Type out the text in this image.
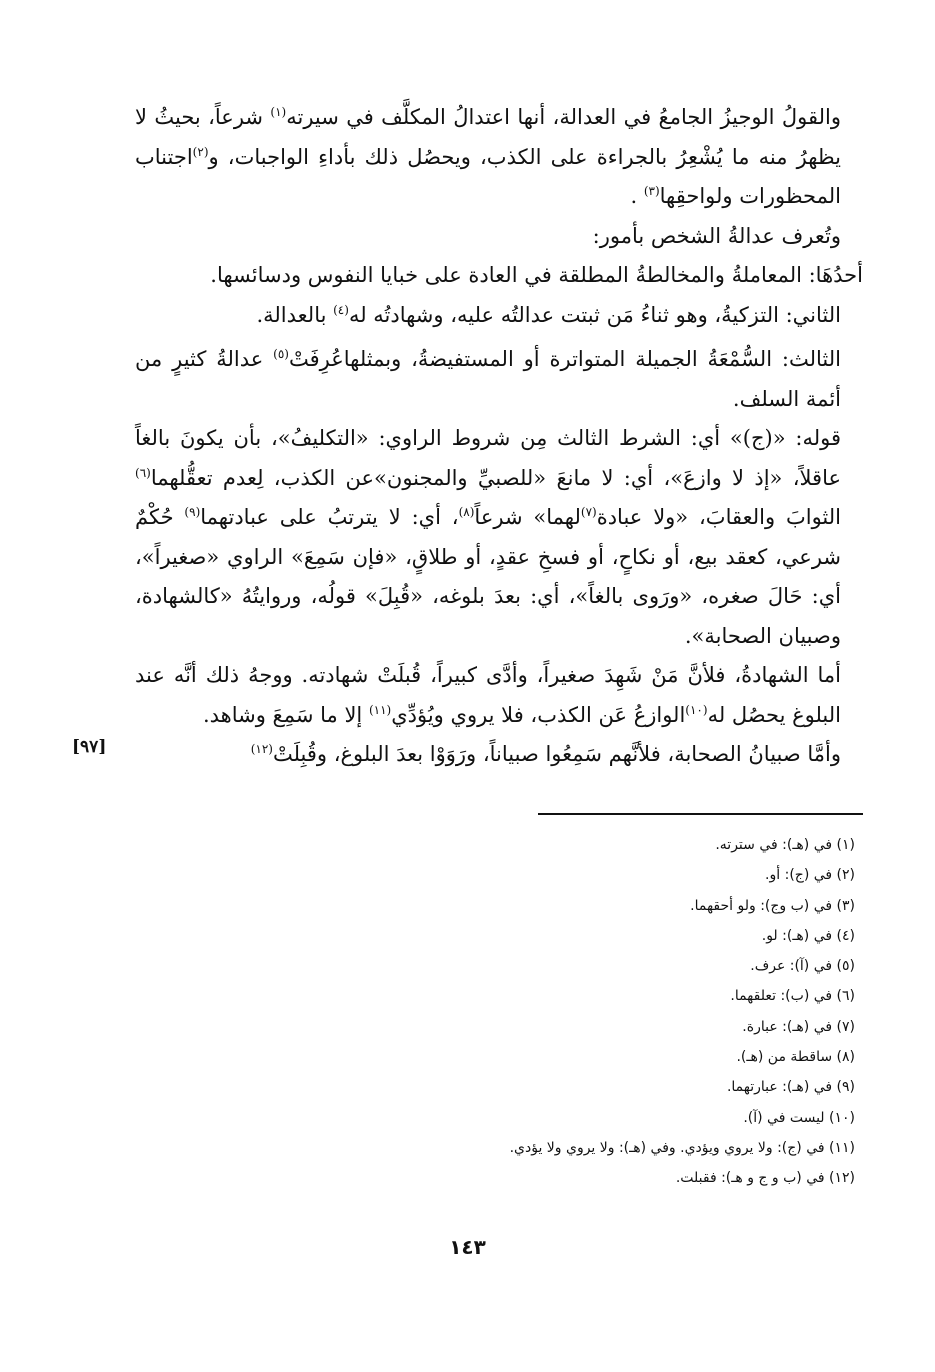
والقولُ الوجيزُ الجامعُ في العدالة، أنها اعتدالُ المكلَّف في سيرته$^{(١)}$ شرعاً، بحيثُ لا يظهرُ منه ما يُشْعِرُ بالجراءة على الكذب، ويحصُل ذلك بأداءِ الواجبات، و$^{(٢)}$اجتناب المحظورات ولواحقِها$^{(٣)}$ .

وتُعرف عدالةُ الشخص بأمور:

أحدُهَا: المعاملةُ والمخالطةُ المطلقة في العادة على خبايا النفوس ودسائسها.

الثاني: التزكيةُ، وهو ثناءُ مَن ثبتت عدالتُه عليه، وشهادتُه له$^{(٤)}$ بالعدالة.

الثالث: السُّمْعَةُ الجميلة المتواترة أو المستفيضةُ، وبمثلهاعُرِفَتْ$^{(٥)}$ عدالةُ كثيرٍ من أئمة السلف.

قوله: «(ج)» أي: الشرط الثالث مِن شروط الراوي: «التكليفُ»، بأن يكونَ بالغاً عاقلاً، «إذ لا وازعَ»، أي: لا مانعَ «للصبيِّ والمجنون»عن الكذب، لِعدم تعقُّلهما$^{(٦)}$ الثوابَ والعقابَ، «ولا عبادة$^{(٧)}$لهما» شرعاً$^{(٨)}$، أي: لا يترتبُ على عبادتهما$^{(٩)}$ حُكْمٌ شرعي، كعقد بيع، أو نكاحٍ، أو فسخِ عقدٍ، أو طلاقٍ، «فإن سَمِعَ» الراوي «صغيراً»، أي: حَالَ صغره، «ورَوى بالغاً»، أي: بعدَ بلوغه، «قُبِلَ» قولُه، وروايتُهُ «كالشهادة، وصبيان الصحابة».

أما الشهادةُ، فلأنَّ مَنْ شَهِدَ صغيراً، وأدَّى كبيراً، قُبلَتْ شهادته. ووجهُ ذلك أنَّه عند البلوغ يحصُل له$^{(١٠)}$الوازعُ عَن الكذب، فلا يروي ويُؤدِّي$^{(١١)}$ إلا ما سَمِعَ وشاهد.

وأمَّا صبيانُ الصحابة، فلأنَّهم سَمِعُوا صبياناً، ورَوَوْا بعدَ البلوغ، وقُبِلَتْ$^{(١٢)}$

[٩٧]
(١) في (هـ): في سترته.
(٢) في (ج): أو.
(٣) في (ب وج): ولو أحقهما.
(٤) في (هـ): لو.
(٥) في (آ): عرف.
(٦) في (ب): تعلقهما.
(٧) في (هـ): عبارة.
(٨) ساقطة من (هـ).
(٩) في (هـ): عبارتهما.
(١٠) ليست في (آ).
(١١) في (ج): ولا يروي ويؤدي. وفي (هـ): ولا يروي ولا يؤدي.
(١٢) في (ب و ج و هـ): فقبلت.
١٤٣
